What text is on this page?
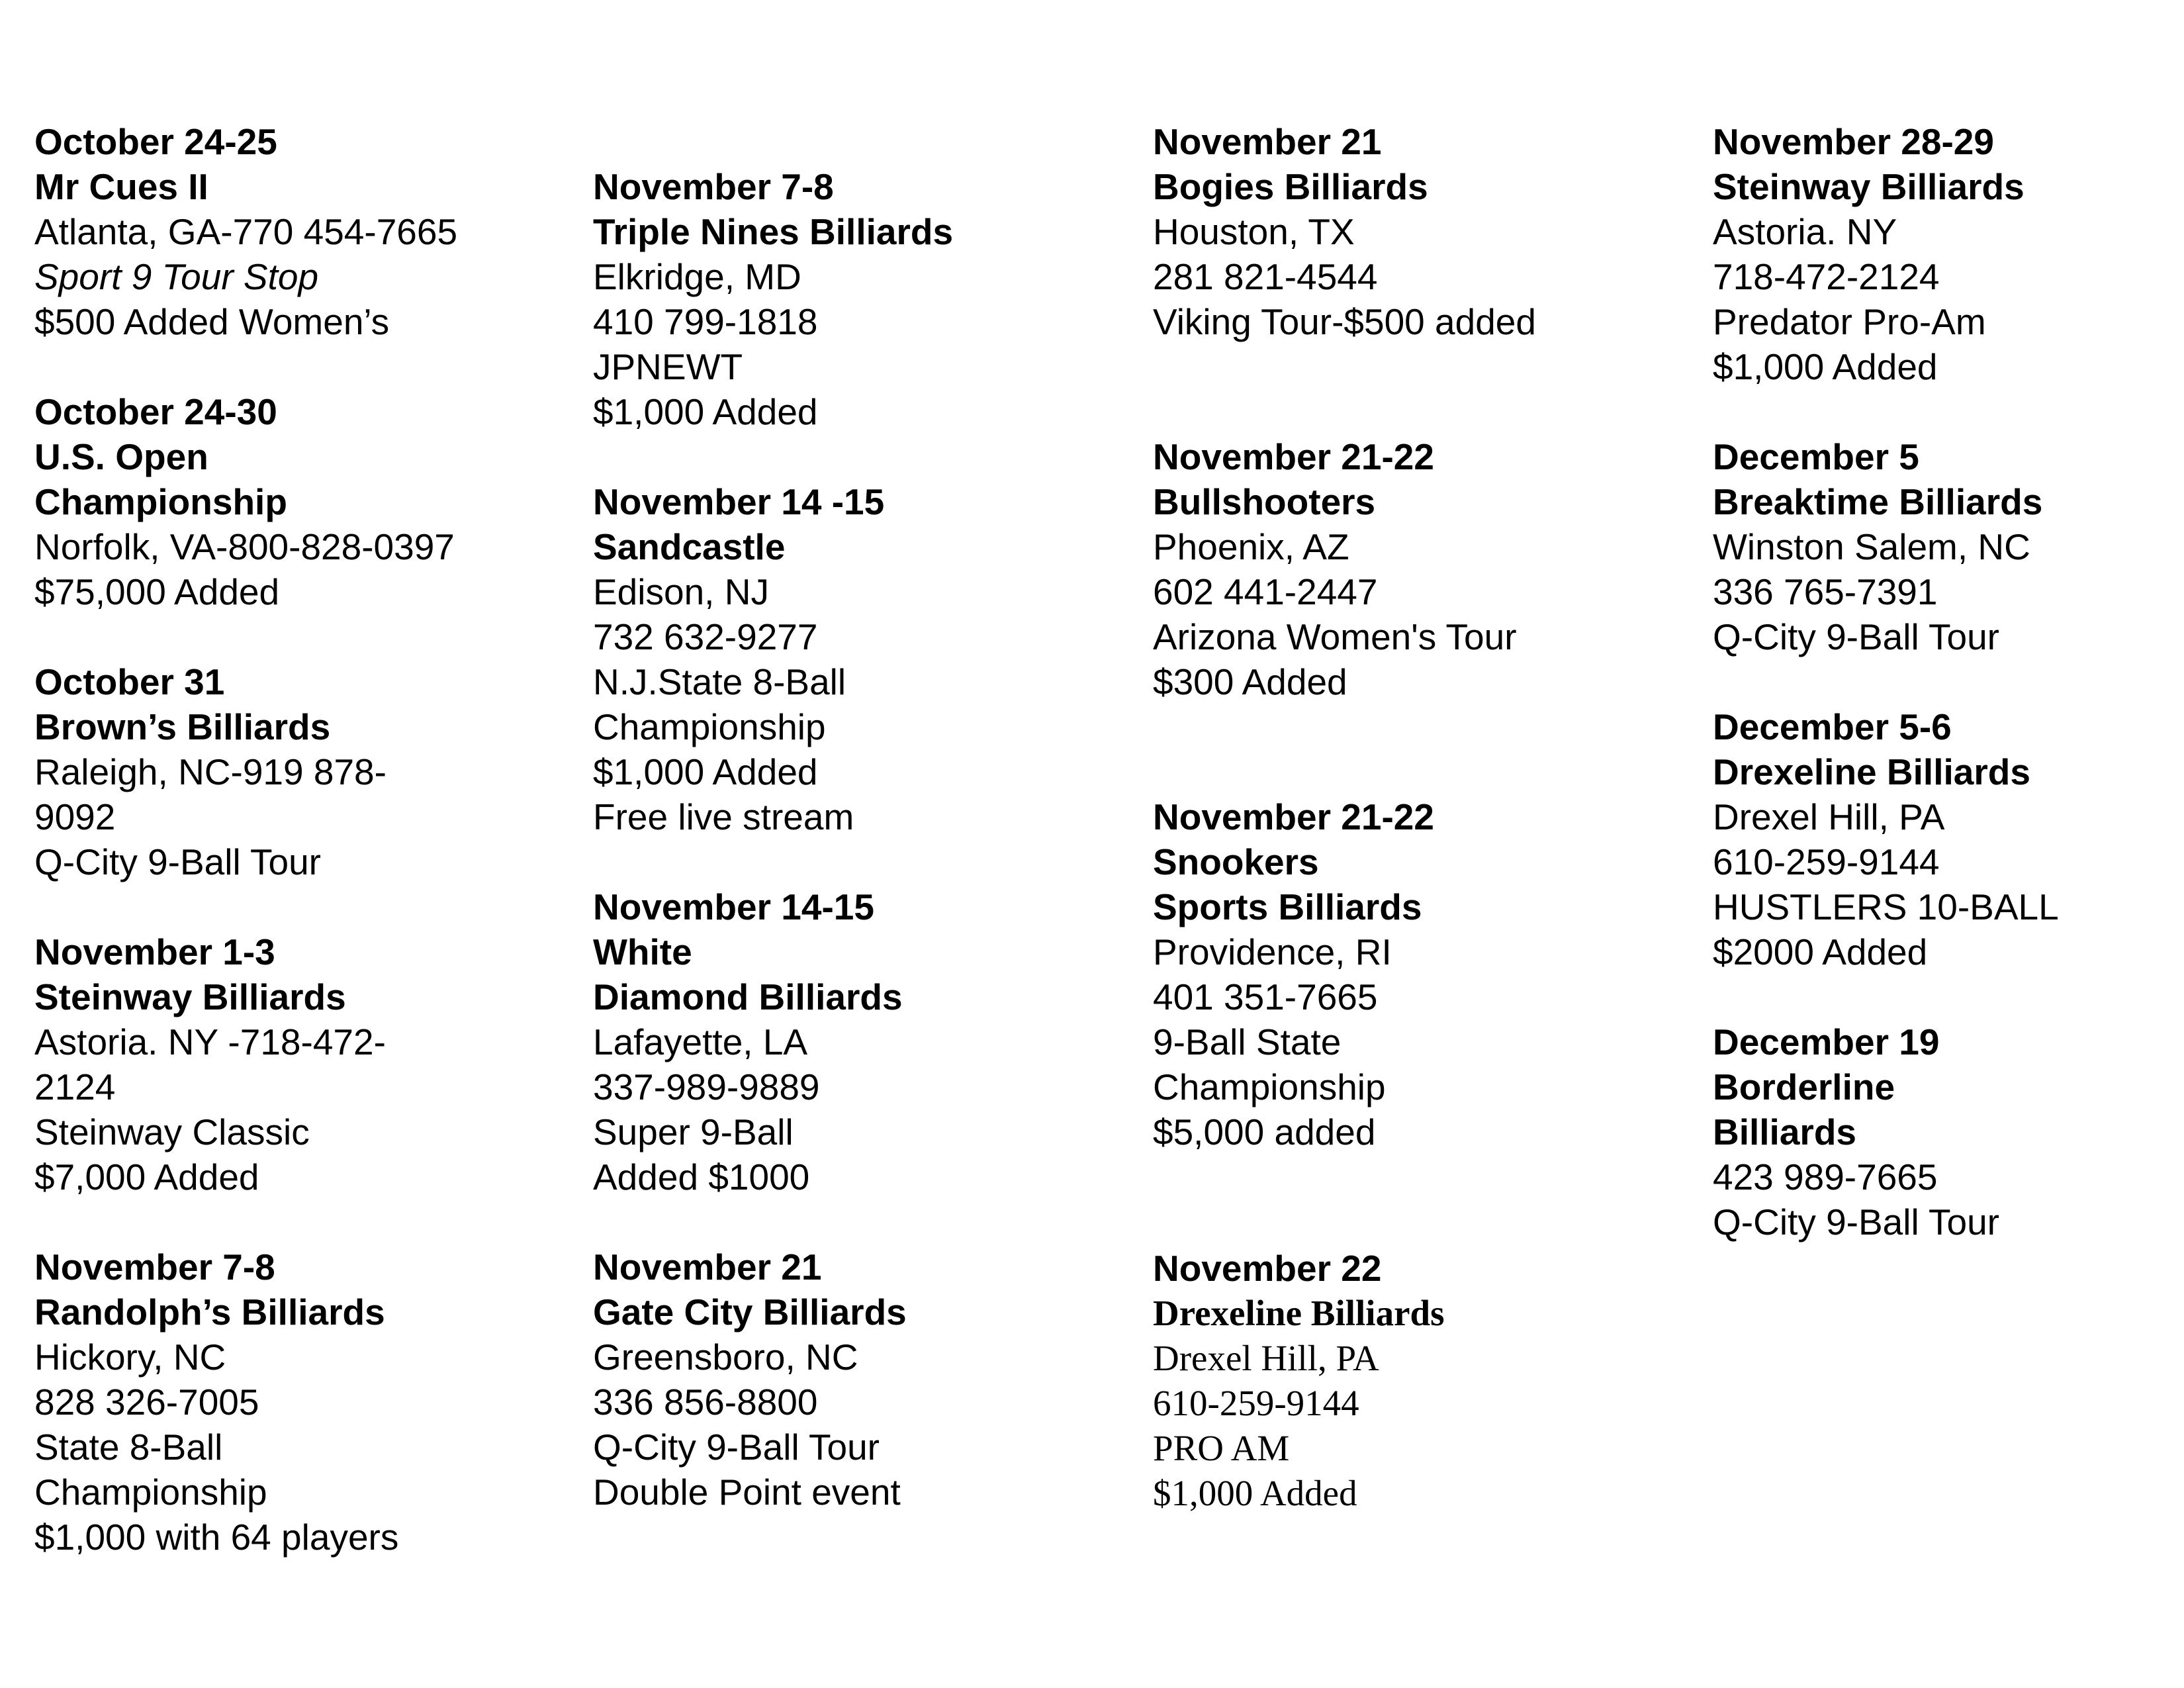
October 24-25
Mr Cues II
Atlanta, GA-770 454-7665
Sport 9 Tour Stop
$500 Added Women’s
October 24-30
U.S. Open
Championship
Norfolk, VA-800-828-0397
$75,000 Added
October 31
Brown’s Billiards
Raleigh, NC-919 878-
9092
Q-City 9-Ball Tour
November 1-3
Steinway Billiards
Astoria. NY -718-472-
2124
Steinway Classic
$7,000 Added
November 7-8
Randolph’s Billiards
Hickory, NC
828 326-7005
State 8-Ball
Championship
$1,000 with 64 players
November 7-8
Triple Nines Billiards
Elkridge, MD
410 799-1818
JPNEWT
$1,000 Added
November 14 -15
Sandcastle
Edison, NJ
732 632-9277
N.J.State 8-Ball
Championship
$1,000 Added
Free live stream
November 14-15
White
Diamond Billiards
Lafayette, LA
337-989-9889
Super 9-Ball
Added $1000
November 21
Gate City Billiards
Greensboro, NC
336 856-8800
Q-City 9-Ball Tour
Double Point event
November 21
Bogies Billiards
Houston, TX
281 821-4544
Viking Tour-$500 added
November 21-22
Bullshooters
Phoenix, AZ
602 441-2447
Arizona Women's Tour
$300 Added
November 21-22
Snookers
Sports Billiards
Providence, RI
401 351-7665
9-Ball State
Championship
$5,000 added
November 22
Drexeline Billiards
Drexel Hill, PA
610-259-9144
PRO AM
$1,000 Added
November 28-29
Steinway Billiards
Astoria. NY
718-472-2124
Predator Pro-Am
$1,000 Added
December 5
Breaktime Billiards
Winston Salem, NC
336 765-7391
Q-City 9-Ball Tour
December 5-6
Drexeline Billiards
Drexel Hill, PA
610-259-9144
HUSTLERS 10-BALL
$2000 Added
December 19
Borderline
Billiards
423 989-7665
Q-City 9-Ball Tour
